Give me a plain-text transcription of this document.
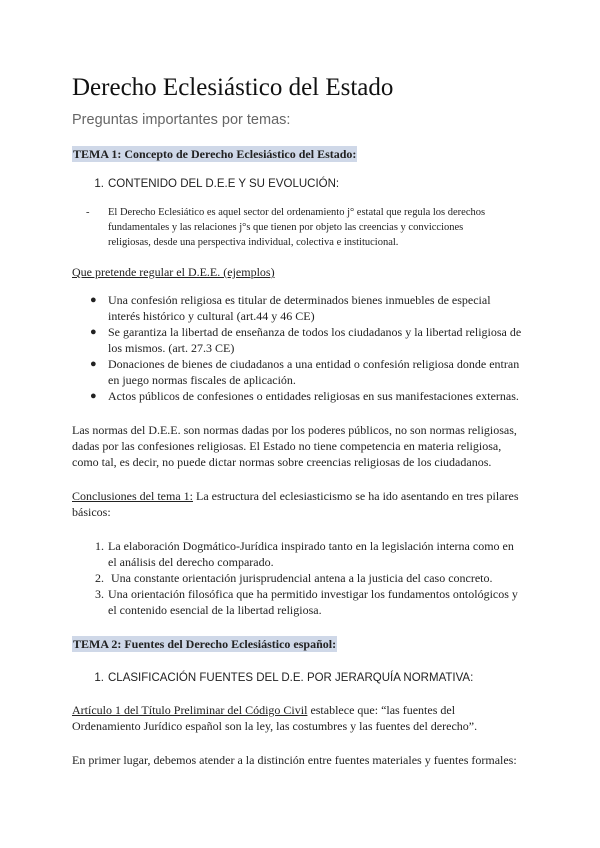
Derecho Eclesiástico del Estado
Preguntas importantes por temas:

TEMA 1: Concepto de Derecho Eclesiástico del Estado:

1. CONTENIDO DEL D.E.E Y SU EVOLUCIÓN:
- El Derecho Eclesiático es aquel sector del ordenamiento j° estatal que regula los derechos
fundamentales y las relaciones j°s que tienen por objeto las creencias y convicciones
religiosas, desde una perspectiva individual, colectiva e institucional.

Que pretende regular el D.E.E. (ejemplos)

● Una confesión religiosa es titular de determinados bienes inmuebles de especial
interés histórico y cultural (art.44 y 46 CE)
● Se garantiza la libertad de enseñanza de todos los ciudadanos y la libertad religiosa de
los mismos. (art. 27.3 CE)
● Donaciones de bienes de ciudadanos a una entidad o confesión religiosa donde entran
en juego normas fiscales de aplicación.
● Actos públicos de confesiones o entidades religiosas en sus manifestaciones externas.
Las normas del D.E.E. son normas dadas por los poderes públicos, no son normas religiosas,
dadas por las confesiones religiosas. El Estado no tiene competencia en materia religiosa,
como tal, es decir, no puede dictar normas sobre creencias religiosas de los ciudadanos.
Conclusiones del tema 1: La estructura del eclesiasticismo se ha ido asentando en tres pilares
básicos:
1. La elaboración Dogmático-Jurídica inspirado tanto en la legislación interna como en
el análisis del derecho comparado.
2. Una constante orientación jurisprudencial antena a la justicia del caso concreto.
3. Una orientación filosófica que ha permitido investigar los fundamentos ontológicos y
el contenido esencial de la libertad religiosa.

TEMA 2: Fuentes del Derecho Eclesiástico español:

1. CLASIFICACIÓN FUENTES DEL D.E. POR JERARQUÍA NORMATIVA:
Artículo 1 del Título Preliminar del Código Civil establece que: “las fuentes del
Ordenamiento Jurídico español son la ley, las costumbres y las fuentes del derecho”.

En primer lugar, debemos atender a la distinción entre fuentes materiales y fuentes formales:
